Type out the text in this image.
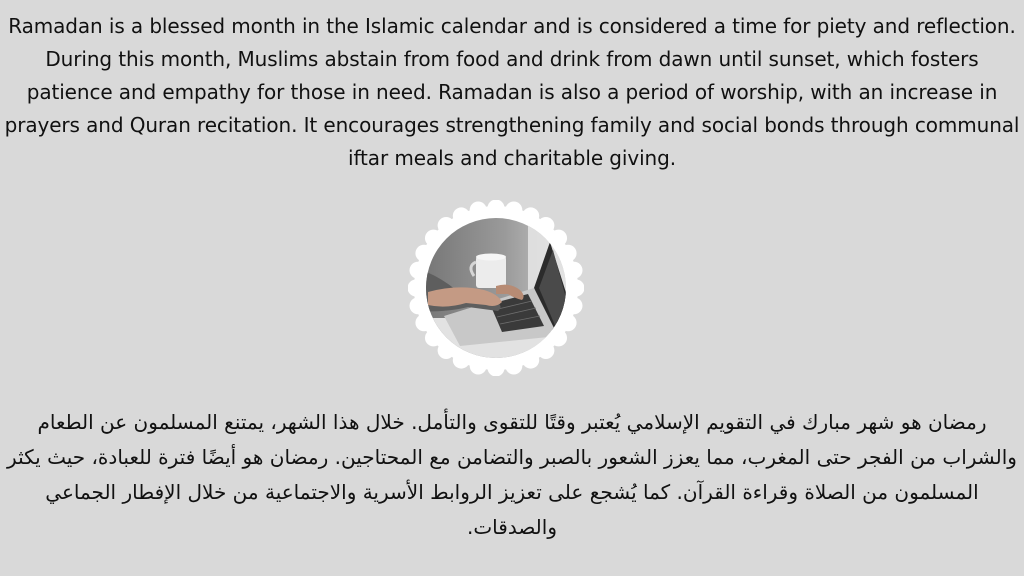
Ramadan is a blessed month in the Islamic calendar and is considered a time for piety and reflection. During this month, Muslims abstain from food and drink from dawn until sunset, which fosters patience and empathy for those in need. Ramadan is also a period of worship, with an increase in prayers and Quran recitation. It encourages strengthening family and social bonds through communal iftar meals and charitable giving.

رمضان هو شهر مبارك في التقويم الإسلامي يُعتبر وقتًا للتقوى والتأمل. خلال هذا الشهر، يمتنع المسلمون عن الطعام والشراب من الفجر حتى المغرب، مما يعزز الشعور بالصبر والتضامن مع المحتاجين. رمضان هو أيضًا فترة للعبادة، حيث يكثر المسلمون من الصلاة وقراءة القرآن. كما يُشجع على تعزيز الروابط الأسرية والاجتماعية من خلال الإفطار الجماعي والصدقات.
